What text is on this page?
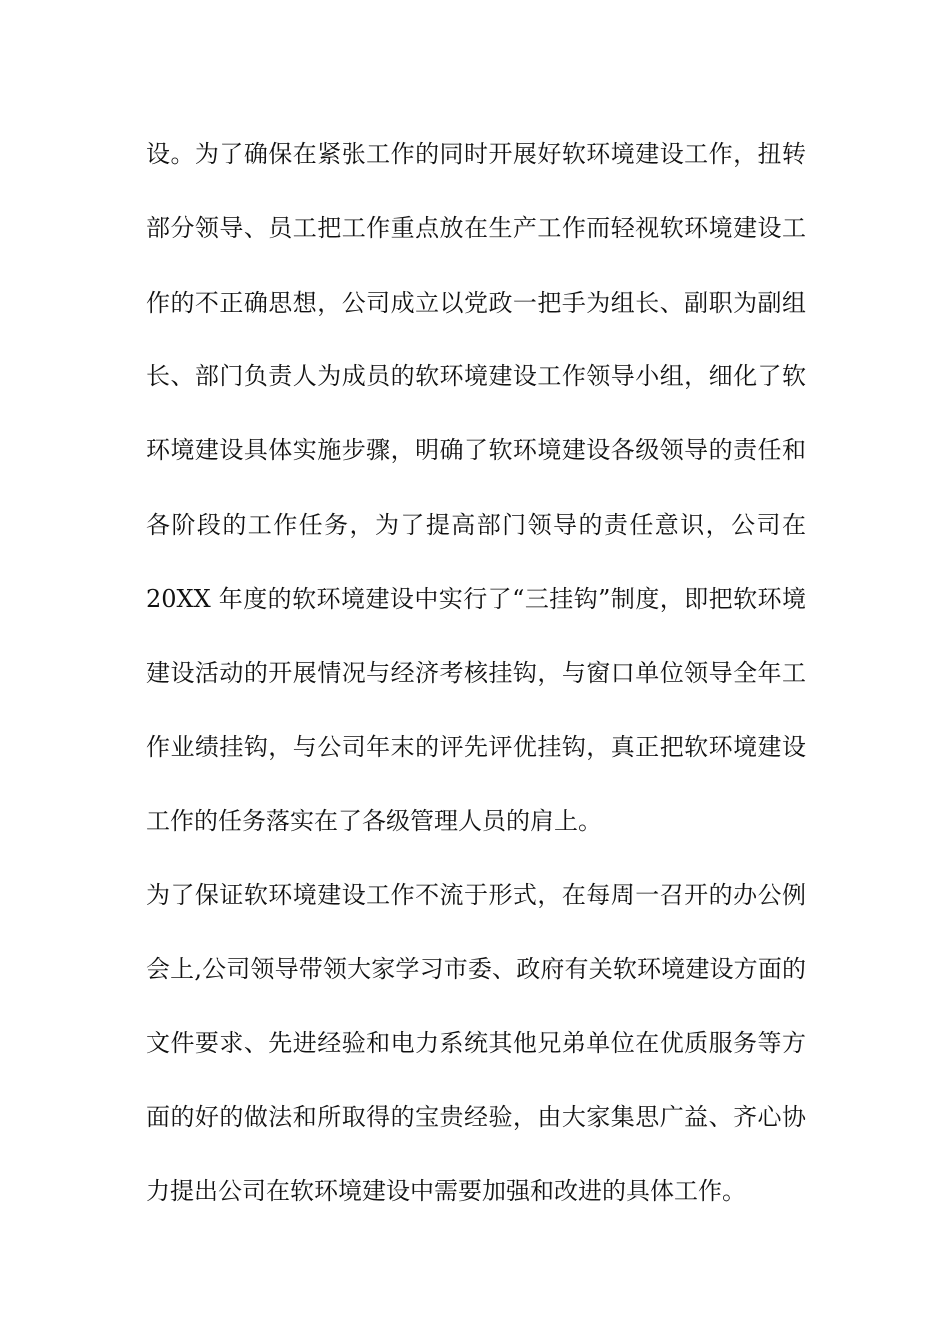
设。为了确保在紧张工作的同时开展好软环境建设工作，扭转
部分领导、员工把工作重点放在生产工作而轻视软环境建设工
作的不正确思想，公司成立以党政一把手为组长、副职为副组
长、部门负责人为成员的软环境建设工作领导小组，细化了软
环境建设具体实施步骤，明确了软环境建设各级领导的责任和
各阶段的工作任务，为了提高部门领导的责任意识，公司在
20XX 年度的软环境建设中实行了“三挂钩”制度，即把软环境
建设活动的开展情况与经济考核挂钩，与窗口单位领导全年工
作业绩挂钩，与公司年末的评先评优挂钩，真正把软环境建设
工作的任务落实在了各级管理人员的肩上。
为了保证软环境建设工作不流于形式，在每周一召开的办公例
会上,公司领导带领大家学习市委、政府有关软环境建设方面的
文件要求、先进经验和电力系统其他兄弟单位在优质服务等方
面的好的做法和所取得的宝贵经验，由大家集思广益、齐心协
力提出公司在软环境建设中需要加强和改进的具体工作。
